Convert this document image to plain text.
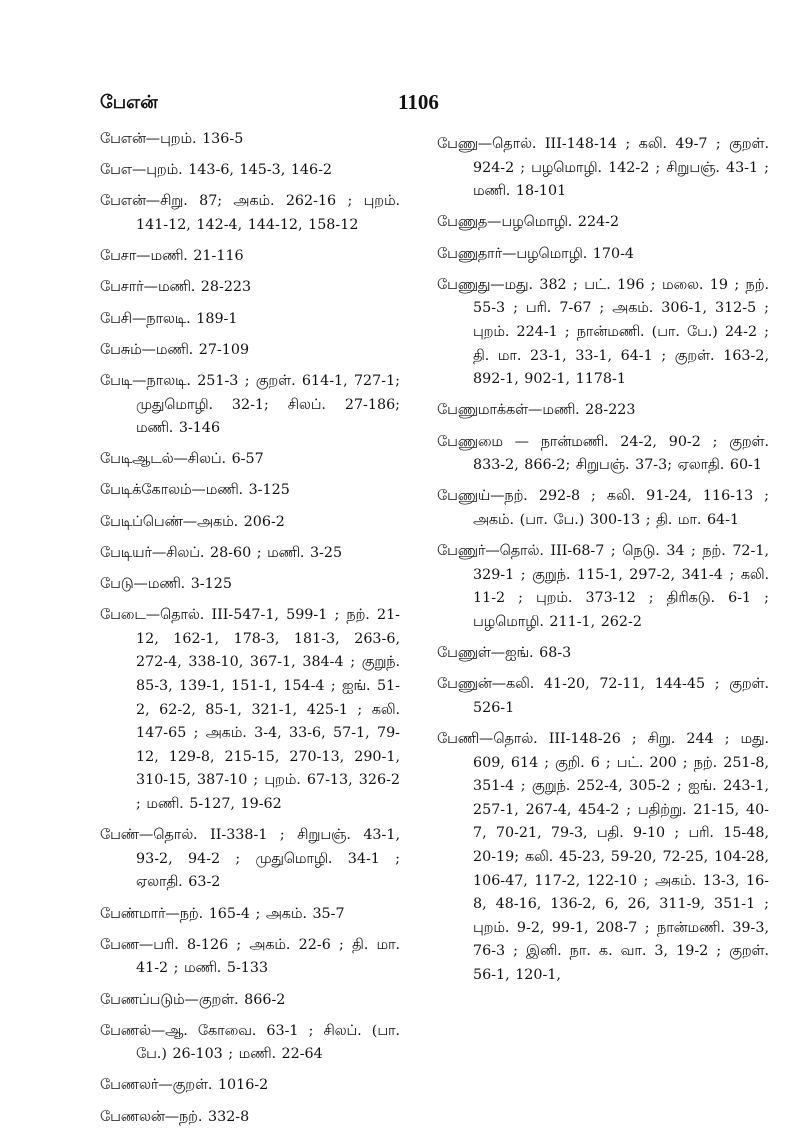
பேஎன்	1106

பேஎன்—புறம். 136-5

பேஎ—புறம். 143-6, 145-3, 146-2

பேஎன்—சிறு. 87; அகம். 262-16 ; புறம். 141-12, 142-4, 144-12, 158-12

பேசா—மணி. 21-116

பேசார்—மணி. 28-223

பேசி—நாலடி. 189-1

பேசும்—மணி. 27-109

பேடி—நாலடி. 251-3 ; குறள். 614-1, 727-1; முதுமொழி. 32-1; சிலப். 27-186; மணி. 3-146

பேடிஆடல்—சிலப். 6-57

பேடிக்கோலம்—மணி. 3-125

பேடிப்பெண்—அகம். 206-2

பேடியர்—சிலப். 28-60 ; மணி. 3-25

பேடு—மணி. 3-125

பேடை—தொல். III-547-1, 599-1 ; நற். 21-12, 162-1, 178-3, 181-3, 263-6, 272-4, 338-10, 367-1, 384-4 ; குறுந். 85-3, 139-1, 151-1, 154-4 ; ஐங். 51-2, 62-2, 85-1, 321-1, 425-1 ; கலி. 147-65 ; அகம். 3-4, 33-6, 57-1, 79-12, 129-8, 215-15, 270-13, 290-1, 310-15, 387-10 ; புறம். 67-13, 326-2 ; மணி. 5-127, 19-62

பேண்—தொல். II-338-1 ; சிறுபஞ். 43-1, 93-2, 94-2 ; முதுமொழி. 34-1 ; ஏலாதி. 63-2

பேண்மார்—நற். 165-4 ; அகம். 35-7

பேண—பரி. 8-126 ; அகம். 22-6 ; தி. மா. 41-2 ; மணி. 5-133

பேணப்படும்—குறள். 866-2

பேணல்—ஆ. கோவை. 63-1 ; சிலப். (பா. பே.) 26-103 ; மணி. 22-64

பேணலர்—குறள். 1016-2

பேணலன்—நற். 332-8

பேணு—தொல். III-148-14 ; கலி. 49-7 ; குறள். 924-2 ; பழமொழி. 142-2 ; சிறுபஞ். 43-1 ; மணி. 18-101

பேணுத—பழமொழி. 224-2

பேணுதார்—பழமொழி. 170-4

பேணுது—மது. 382 ; பட். 196 ; மலை. 19 ; நற். 55-3 ; பரி. 7-67 ; அகம். 306-1, 312-5 ; புறம். 224-1 ; நான்மணி. (பா. பே.) 24-2 ; தி. மா. 23-1, 33-1, 64-1 ; குறள். 163-2, 892-1, 902-1, 1178-1

பேணுமாக்கள்—மணி. 28-223

பேணுமை — நான்மணி. 24-2, 90-2 ; குறள். 833-2, 866-2; சிறுபஞ். 37-3; ஏலாதி. 60-1

பேணுய்—நற். 292-8 ; கலி. 91-24, 116-13 ; அகம். (பா. பே.) 300-13 ; தி. மா. 64-1

பேணுர்—தொல். III-68-7 ; நெடு. 34 ; நற். 72-1, 329-1 ; குறுந். 115-1, 297-2, 341-4 ; கலி. 11-2 ; புறம். 373-12 ; திரிகடு. 6-1 ; பழமொழி. 211-1, 262-2

பேணுள்—ஐங். 68-3

பேணுன்—கலி. 41-20, 72-11, 144-45 ; குறள். 526-1

பேணி—தொல். III-148-26 ; சிறு. 244 ; மது. 609, 614 ; குறி. 6 ; பட். 200 ; நற். 251-8, 351-4 ; குறுந். 252-4, 305-2 ; ஐங். 243-1, 257-1, 267-4, 454-2 ; பதிற்று. 21-15, 40-7, 70-21, 79-3, பதி. 9-10 ; பரி. 15-48, 20-19; கலி. 45-23, 59-20, 72-25, 104-28, 106-47, 117-2, 122-10 ; அகம். 13-3, 16-8, 48-16, 136-2, 6, 26, 311-9, 351-1 ; புறம். 9-2, 99-1, 208-7 ; நான்மணி. 39-3, 76-3 ; இனி. நா. க. வா. 3, 19-2 ; குறள். 56-1, 120-1,
